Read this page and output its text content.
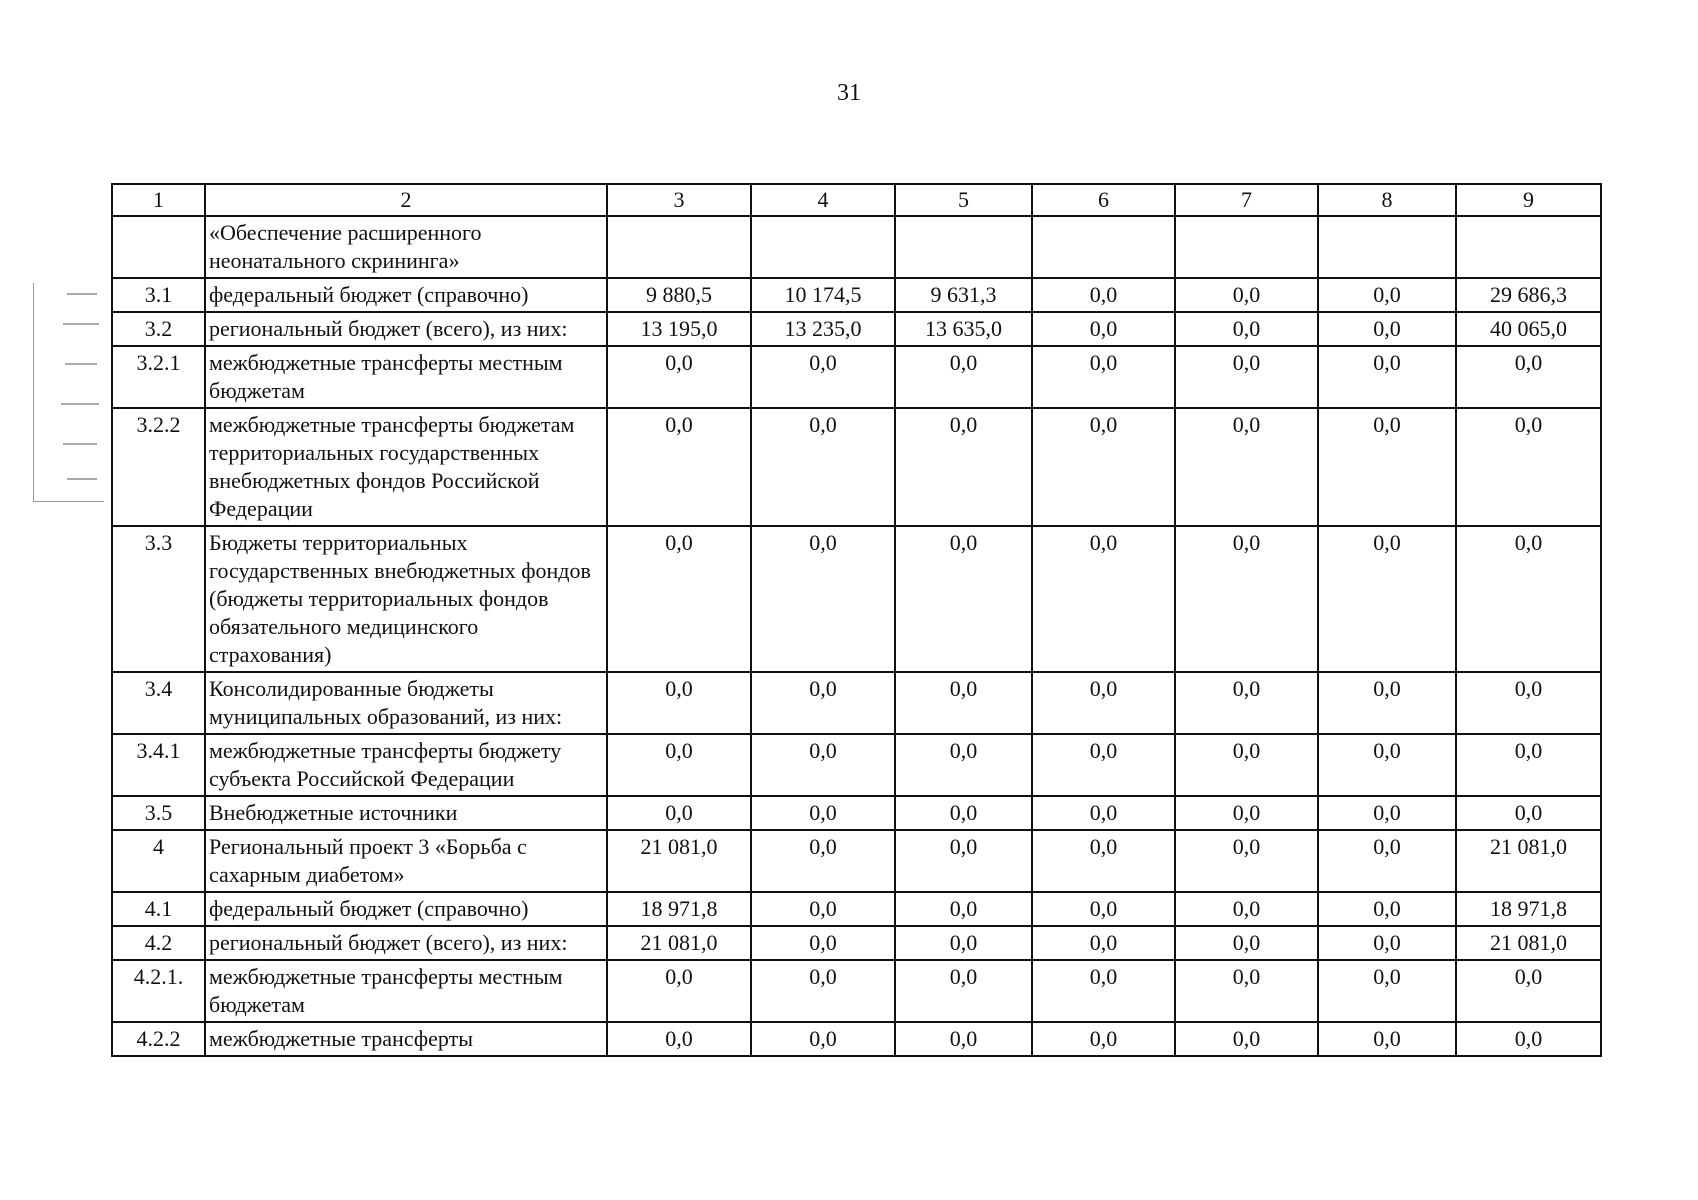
31
1	2	3	4	5	6	7	8	9
	«Обеспечение расширенного неонатального скрининга»							
3.1	федеральный бюджет (справочно)	9 880,5	10 174,5	9 631,3	0,0	0,0	0,0	29 686,3
3.2	региональный бюджет (всего), из них:	13 195,0	13 235,0	13 635,0	0,0	0,0	0,0	40 065,0
3.2.1	межбюджетные трансферты местным бюджетам	0,0	0,0	0,0	0,0	0,0	0,0	0,0
3.2.2	межбюджетные трансферты бюджетам территориальных государственных внебюджетных фондов Российской Федерации	0,0	0,0	0,0	0,0	0,0	0,0	0,0
3.3	Бюджеты территориальных государственных внебюджетных фондов (бюджеты территориальных фондов обязательного медицинского страхования)	0,0	0,0	0,0	0,0	0,0	0,0	0,0
3.4	Консолидированные бюджеты муниципальных образований, из них:	0,0	0,0	0,0	0,0	0,0	0,0	0,0
3.4.1	межбюджетные трансферты бюджету субъекта Российской Федерации	0,0	0,0	0,0	0,0	0,0	0,0	0,0
3.5	Внебюджетные источники	0,0	0,0	0,0	0,0	0,0	0,0	0,0
4	Региональный проект 3 «Борьба с сахарным диабетом»	21 081,0	0,0	0,0	0,0	0,0	0,0	21 081,0
4.1	федеральный бюджет (справочно)	18 971,8	0,0	0,0	0,0	0,0	0,0	18 971,8
4.2	региональный бюджет (всего), из них:	21 081,0	0,0	0,0	0,0	0,0	0,0	21 081,0
4.2.1.	межбюджетные трансферты местным бюджетам	0,0	0,0	0,0	0,0	0,0	0,0	0,0
4.2.2	межбюджетные трансферты	0,0	0,0	0,0	0,0	0,0	0,0	0,0
